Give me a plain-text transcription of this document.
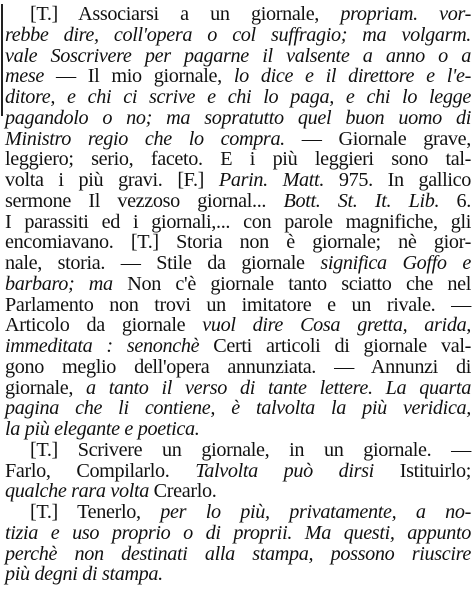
[T.] Associarsi a un giornale, propriam. vor-
rebbe dire, coll'opera o col suffragio; ma volgarm.
vale Soscrivere per pagarne il valsente a anno o a
mese — Il mio giornale, lo dice e il direttore e l'e-
ditore, e chi ci scrive e chi lo paga, e chi lo legge
pagandolo o no; ma sopratutto quel buon uomo di
Ministro regio che lo compra. — Giornale grave,
leggiero; serio, faceto. E i più leggieri sono tal-
volta i più gravi. [F.] Parin. Matt. 975. In gallico
sermone Il vezzoso giornal... Bott. St. It. Lib. 6.
I parassiti ed i giornali,... con parole magnifiche, gli
encomiavano. [T.] Storia non è giornale; nè gior-
nale, storia. — Stile da giornale significa Goffo e
barbaro; ma Non c'è giornale tanto sciatto che nel
Parlamento non trovi un imitatore e un rivale. —
Articolo da giornale vuol dire Cosa gretta, arida,
immeditata : senonchè Certi articoli di giornale val-
gono meglio dell'opera annunziata. — Annunzi di
giornale, a tanto il verso di tante lettere. La quarta
pagina che li contiene, è talvolta la più veridica,
la più elegante e poetica.
[T.] Scrivere un giornale, in un giornale. —
Farlo, Compilarlo. Talvolta può dirsi Istituirlo;
qualche rara volta Crearlo.
[T.] Tenerlo, per lo più, privatamente, a no-
tizia e uso proprio o di proprii. Ma questi, appunto
perchè non destinati alla stampa, possono riuscire
più degni di stampa.
